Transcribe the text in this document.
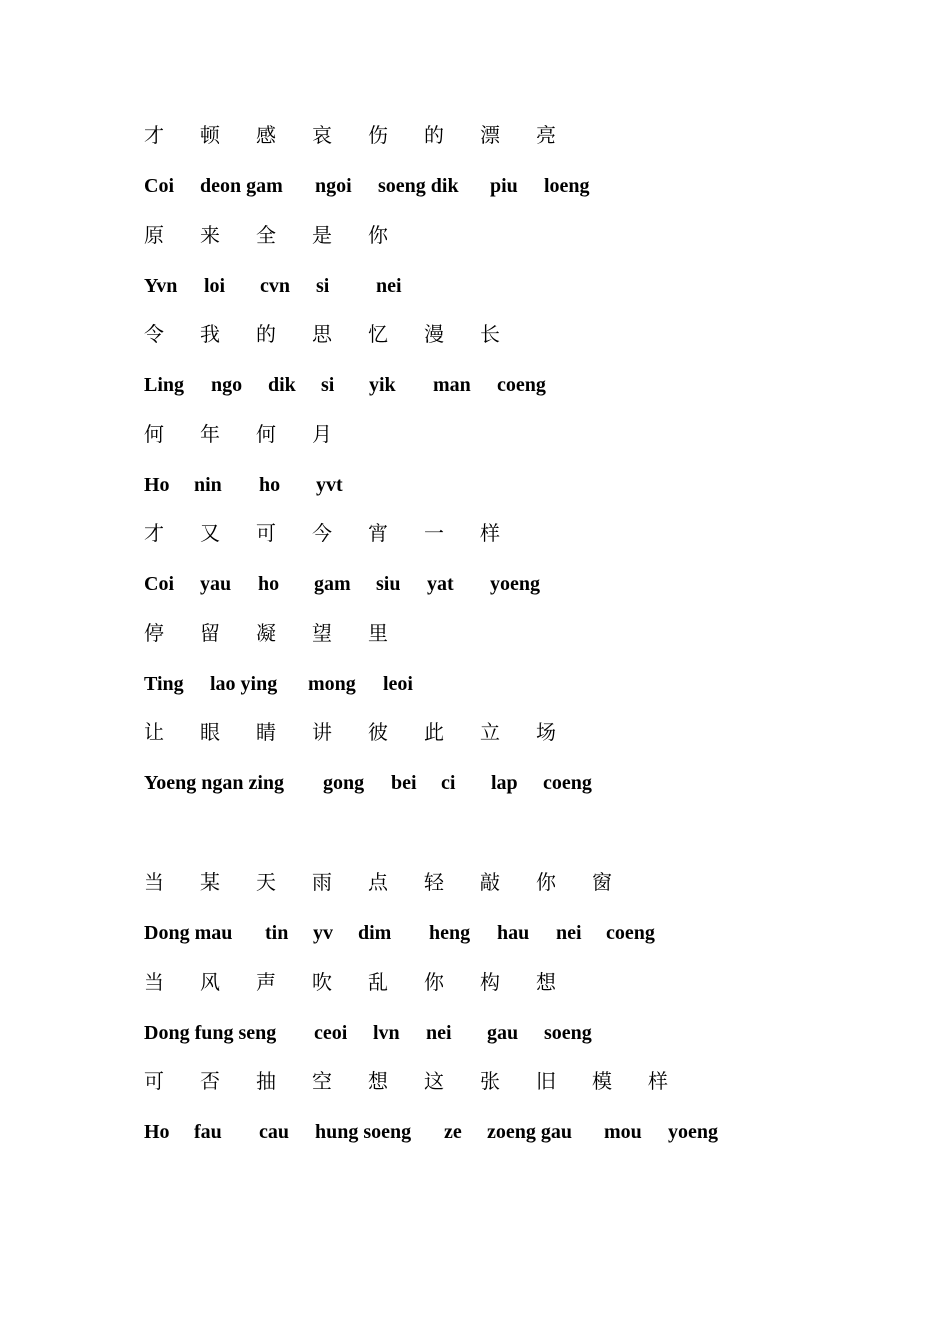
才 顿 感 哀 伤 的 漂 亮
Coi deon gam ngoi soeng dik piu loeng
原 来 全 是 你
Yvn loi cvn si nei
令 我 的 思 忆 漫 长
Ling ngo dik si yik man coeng
何 年 何 月
Ho nin ho yvt
才 又 可 今 宵 一 样
Coi yau ho gam siu yat yoeng
停 留 凝 望 里
Ting lao ying mong leoi
让 眼 睛 讲 彼 此 立 场
Yoeng ngan zing gong bei ci lap coeng
当 某 天 雨 点 轻 敲 你 窗
Dong mau tin yv dim heng hau nei coeng
当 风 声 吹 乱 你 构 想
Dong fung seng ceoi lvn nei gau soeng
可 否 抽 空 想 这 张 旧 模 样
Ho fau cau hung soeng ze zoeng gau mou yoeng
